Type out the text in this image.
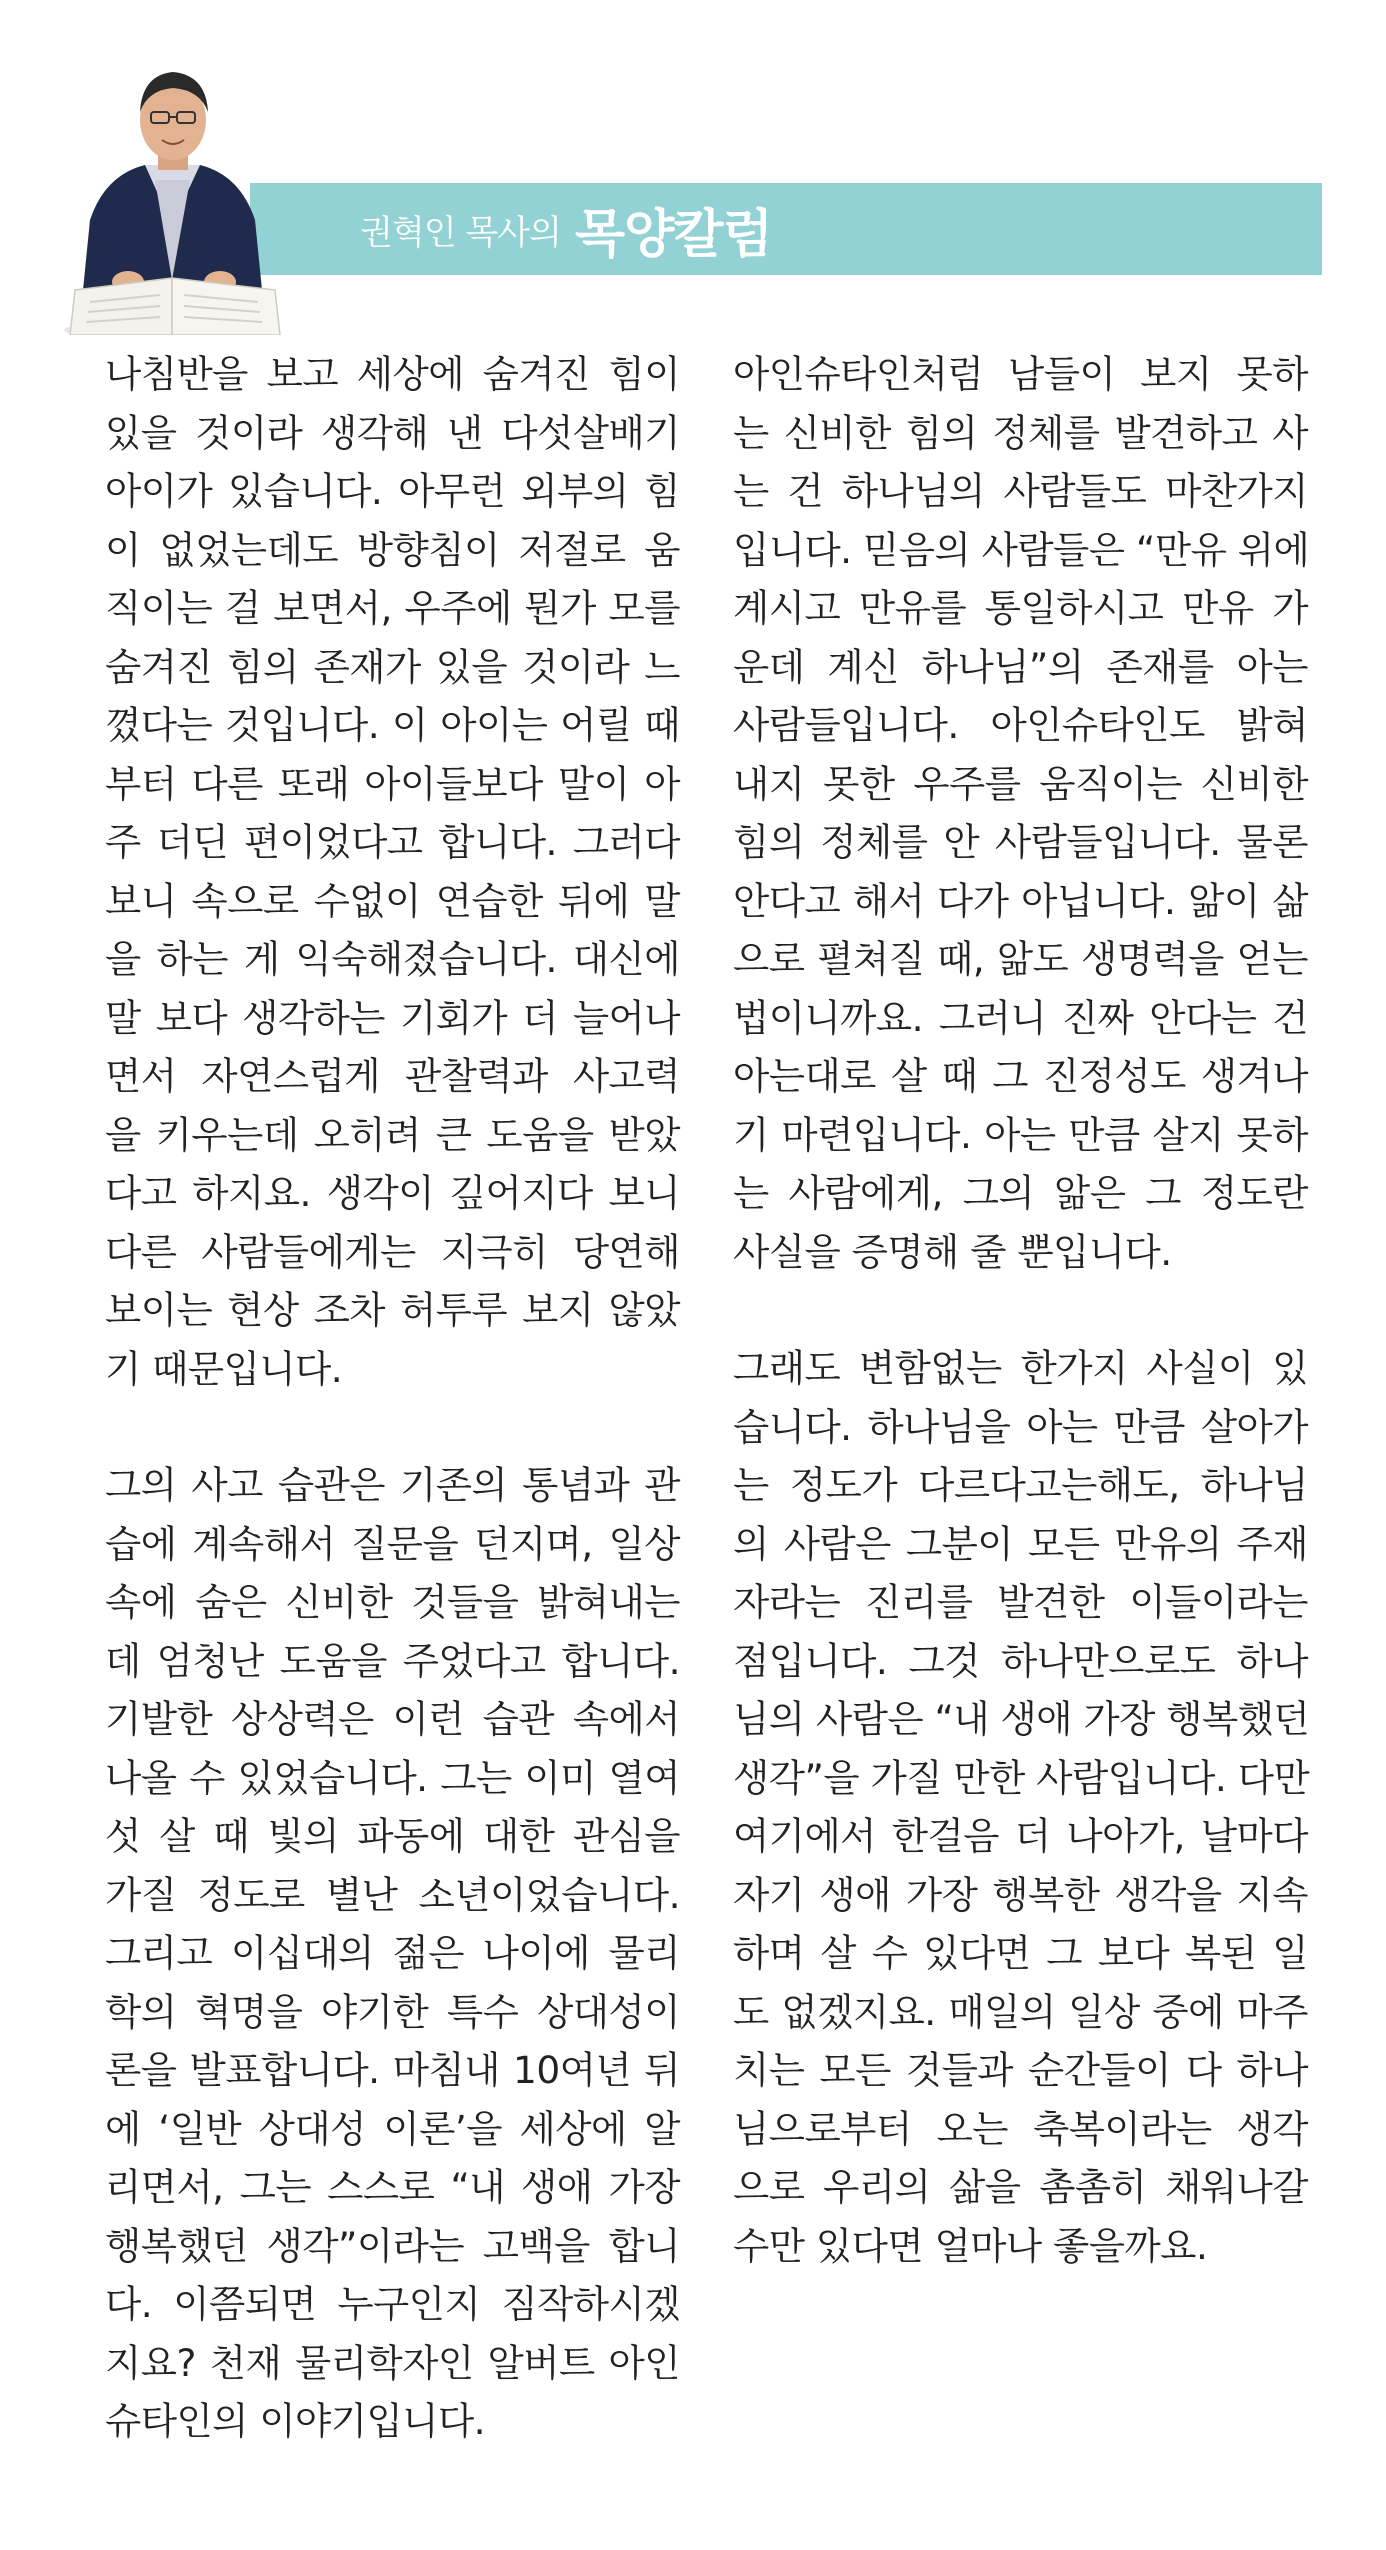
권혁인 목사의 목양칼럼

나침반을 보고 세상에 숨겨진 힘이
있을 것이라 생각해 낸 다섯살배기
아이가 있습니다. 아무런 외부의 힘
이 없었는데도 방향침이 저절로 움
직이는 걸 보면서, 우주에 뭔가 모를
숨겨진 힘의 존재가 있을 것이라 느
꼈다는 것입니다. 이 아이는 어릴 때
부터 다른 또래 아이들보다 말이 아
주 더딘 편이었다고 합니다. 그러다
보니 속으로 수없이 연습한 뒤에 말
을 하는 게 익숙해졌습니다. 대신에
말 보다 생각하는 기회가 더 늘어나
면서 자연스럽게 관찰력과 사고력
을 키우는데 오히려 큰 도움을 받았
다고 하지요. 생각이 깊어지다 보니
다른 사람들에게는 지극히 당연해
보이는 현상 조차 허투루 보지 않았
기 때문입니다.

그의 사고 습관은 기존의 통념과 관
습에 계속해서 질문을 던지며, 일상
속에 숨은 신비한 것들을 밝혀내는
데 엄청난 도움을 주었다고 합니다.
기발한 상상력은 이런 습관 속에서
나올 수 있었습니다. 그는 이미 열여
섯 살 때 빛의 파동에 대한 관심을
가질 정도로 별난 소년이었습니다.
그리고 이십대의 젊은 나이에 물리
학의 혁명을 야기한 특수 상대성이
론을 발표합니다. 마침내 10여년 뒤
에 ‘일반 상대성 이론’을 세상에 알
리면서, 그는 스스로 “내 생애 가장
행복했던 생각”이라는 고백을 합니
다. 이쯤되면 누구인지 짐작하시겠
지요? 천재 물리학자인 알버트 아인
슈타인의 이야기입니다.

아인슈타인처럼 남들이 보지 못하
는 신비한 힘의 정체를 발견하고 사
는 건 하나님의 사람들도 마찬가지
입니다. 믿음의 사람들은 “만유 위에
계시고 만유를 통일하시고 만유 가
운데 계신 하나님”의 존재를 아는
사람들입니다. 아인슈타인도 밝혀
내지 못한 우주를 움직이는 신비한
힘의 정체를 안 사람들입니다. 물론
안다고 해서 다가 아닙니다. 앎이 삶
으로 펼쳐질 때, 앎도 생명력을 얻는
법이니까요. 그러니 진짜 안다는 건
아는대로 살 때 그 진정성도 생겨나
기 마련입니다. 아는 만큼 살지 못하
는 사람에게, 그의 앎은 그 정도란
사실을 증명해 줄 뿐입니다.

그래도 변함없는 한가지 사실이 있
습니다. 하나님을 아는 만큼 살아가
는 정도가 다르다고는해도, 하나님
의 사람은 그분이 모든 만유의 주재
자라는 진리를 발견한 이들이라는
점입니다. 그것 하나만으로도 하나
님의 사람은 “내 생애 가장 행복했던
생각”을 가질 만한 사람입니다. 다만
여기에서 한걸음 더 나아가, 날마다
자기 생애 가장 행복한 생각을 지속
하며 살 수 있다면 그 보다 복된 일
도 없겠지요. 매일의 일상 중에 마주
치는 모든 것들과 순간들이 다 하나
님으로부터 오는 축복이라는 생각
으로 우리의 삶을 촘촘히 채워나갈
수만 있다면 얼마나 좋을까요.
